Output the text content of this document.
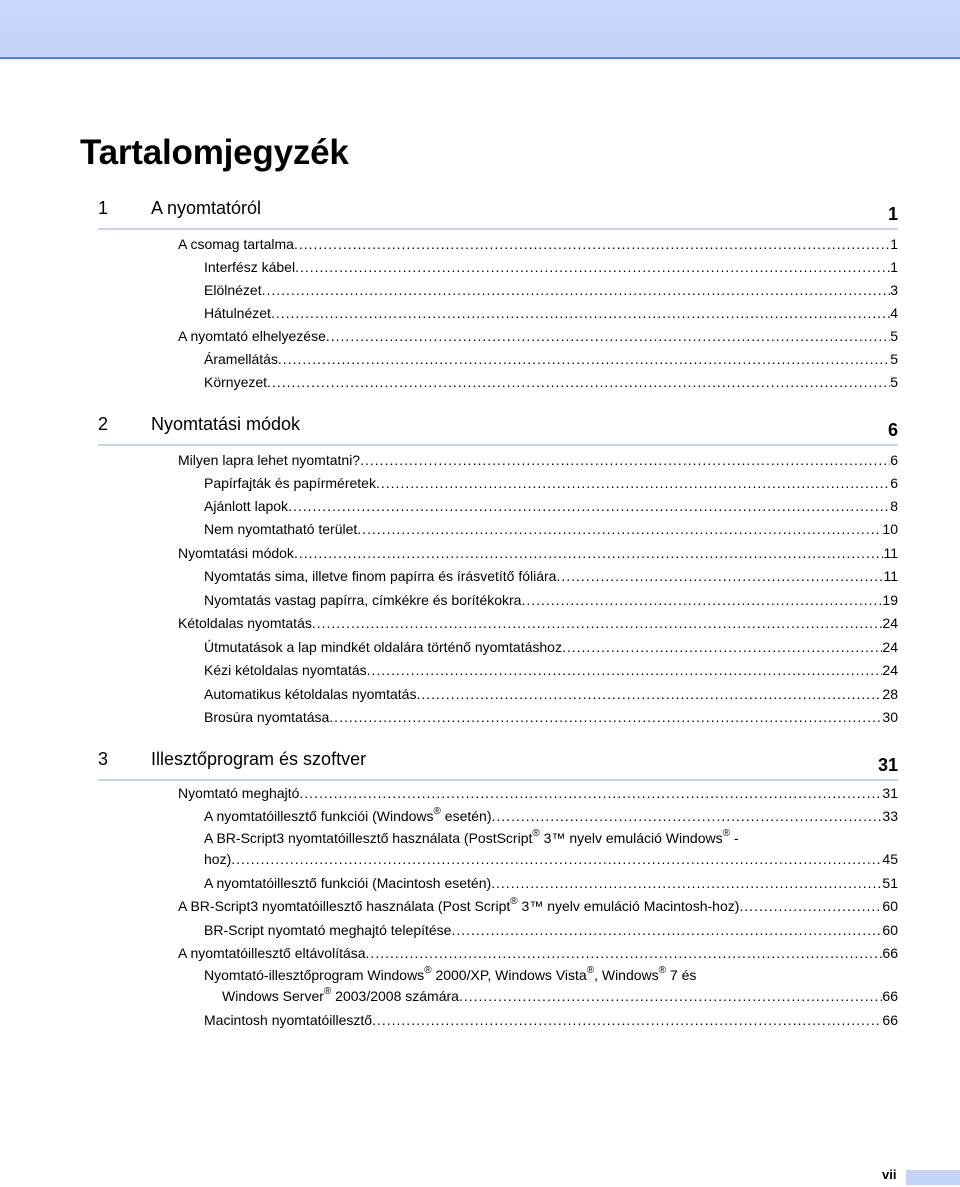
Tartalomjegyzék
1 A nyomtatóról	1
A csomag tartalma .....	1
Interfész kábel .....	1
Elölnézet .....	3
Hátulnézet .....	4
A nyomtató elhelyezése .....	5
Áramellátás .....	5
Környezet .....	5
2 Nyomtatási módok	6
Milyen lapra lehet nyomtatni? .....	6
Papírfajták és papírméretek .....	6
Ajánlott lapok .....	8
Nem nyomtatható terület .....	10
Nyomtatási módok .....	11
Nyomtatás sima, illetve finom papírra és írásvetítő fóliára .....	11
Nyomtatás vastag papírra, címkékre és borítékokra .....	19
Kétoldalas nyomtatás .....	24
Útmutatások a lap mindkét oldalára történő nyomtatáshoz .....	24
Kézi kétoldalas nyomtatás .....	24
Automatikus kétoldalas nyomtatás .....	28
Brosúra nyomtatása .....	30
3 Illesztőprogram és szoftver	31
Nyomtató meghajtó .....	31
A nyomtatóillesztő funkciói (Windows® esetén) .....	33
A BR-Script3 nyomtatóillesztő használata (PostScript® 3™ nyelv emuláció Windows® -
hoz) .....	45
A nyomtatóillesztő funkciói (Macintosh esetén) .....	51
A BR-Script3 nyomtatóillesztő használata (Post Script® 3™ nyelv emuláció Macintosh-hoz) .....	60
BR-Script nyomtató meghajtó telepítése .....	60
A nyomtatóillesztő eltávolítása .....	66
Nyomtató-illesztőprogram Windows® 2000/XP, Windows Vista®, Windows® 7 és
Windows Server® 2003/2008 számára .....	66
Macintosh nyomtatóillesztő .....	66
vii
